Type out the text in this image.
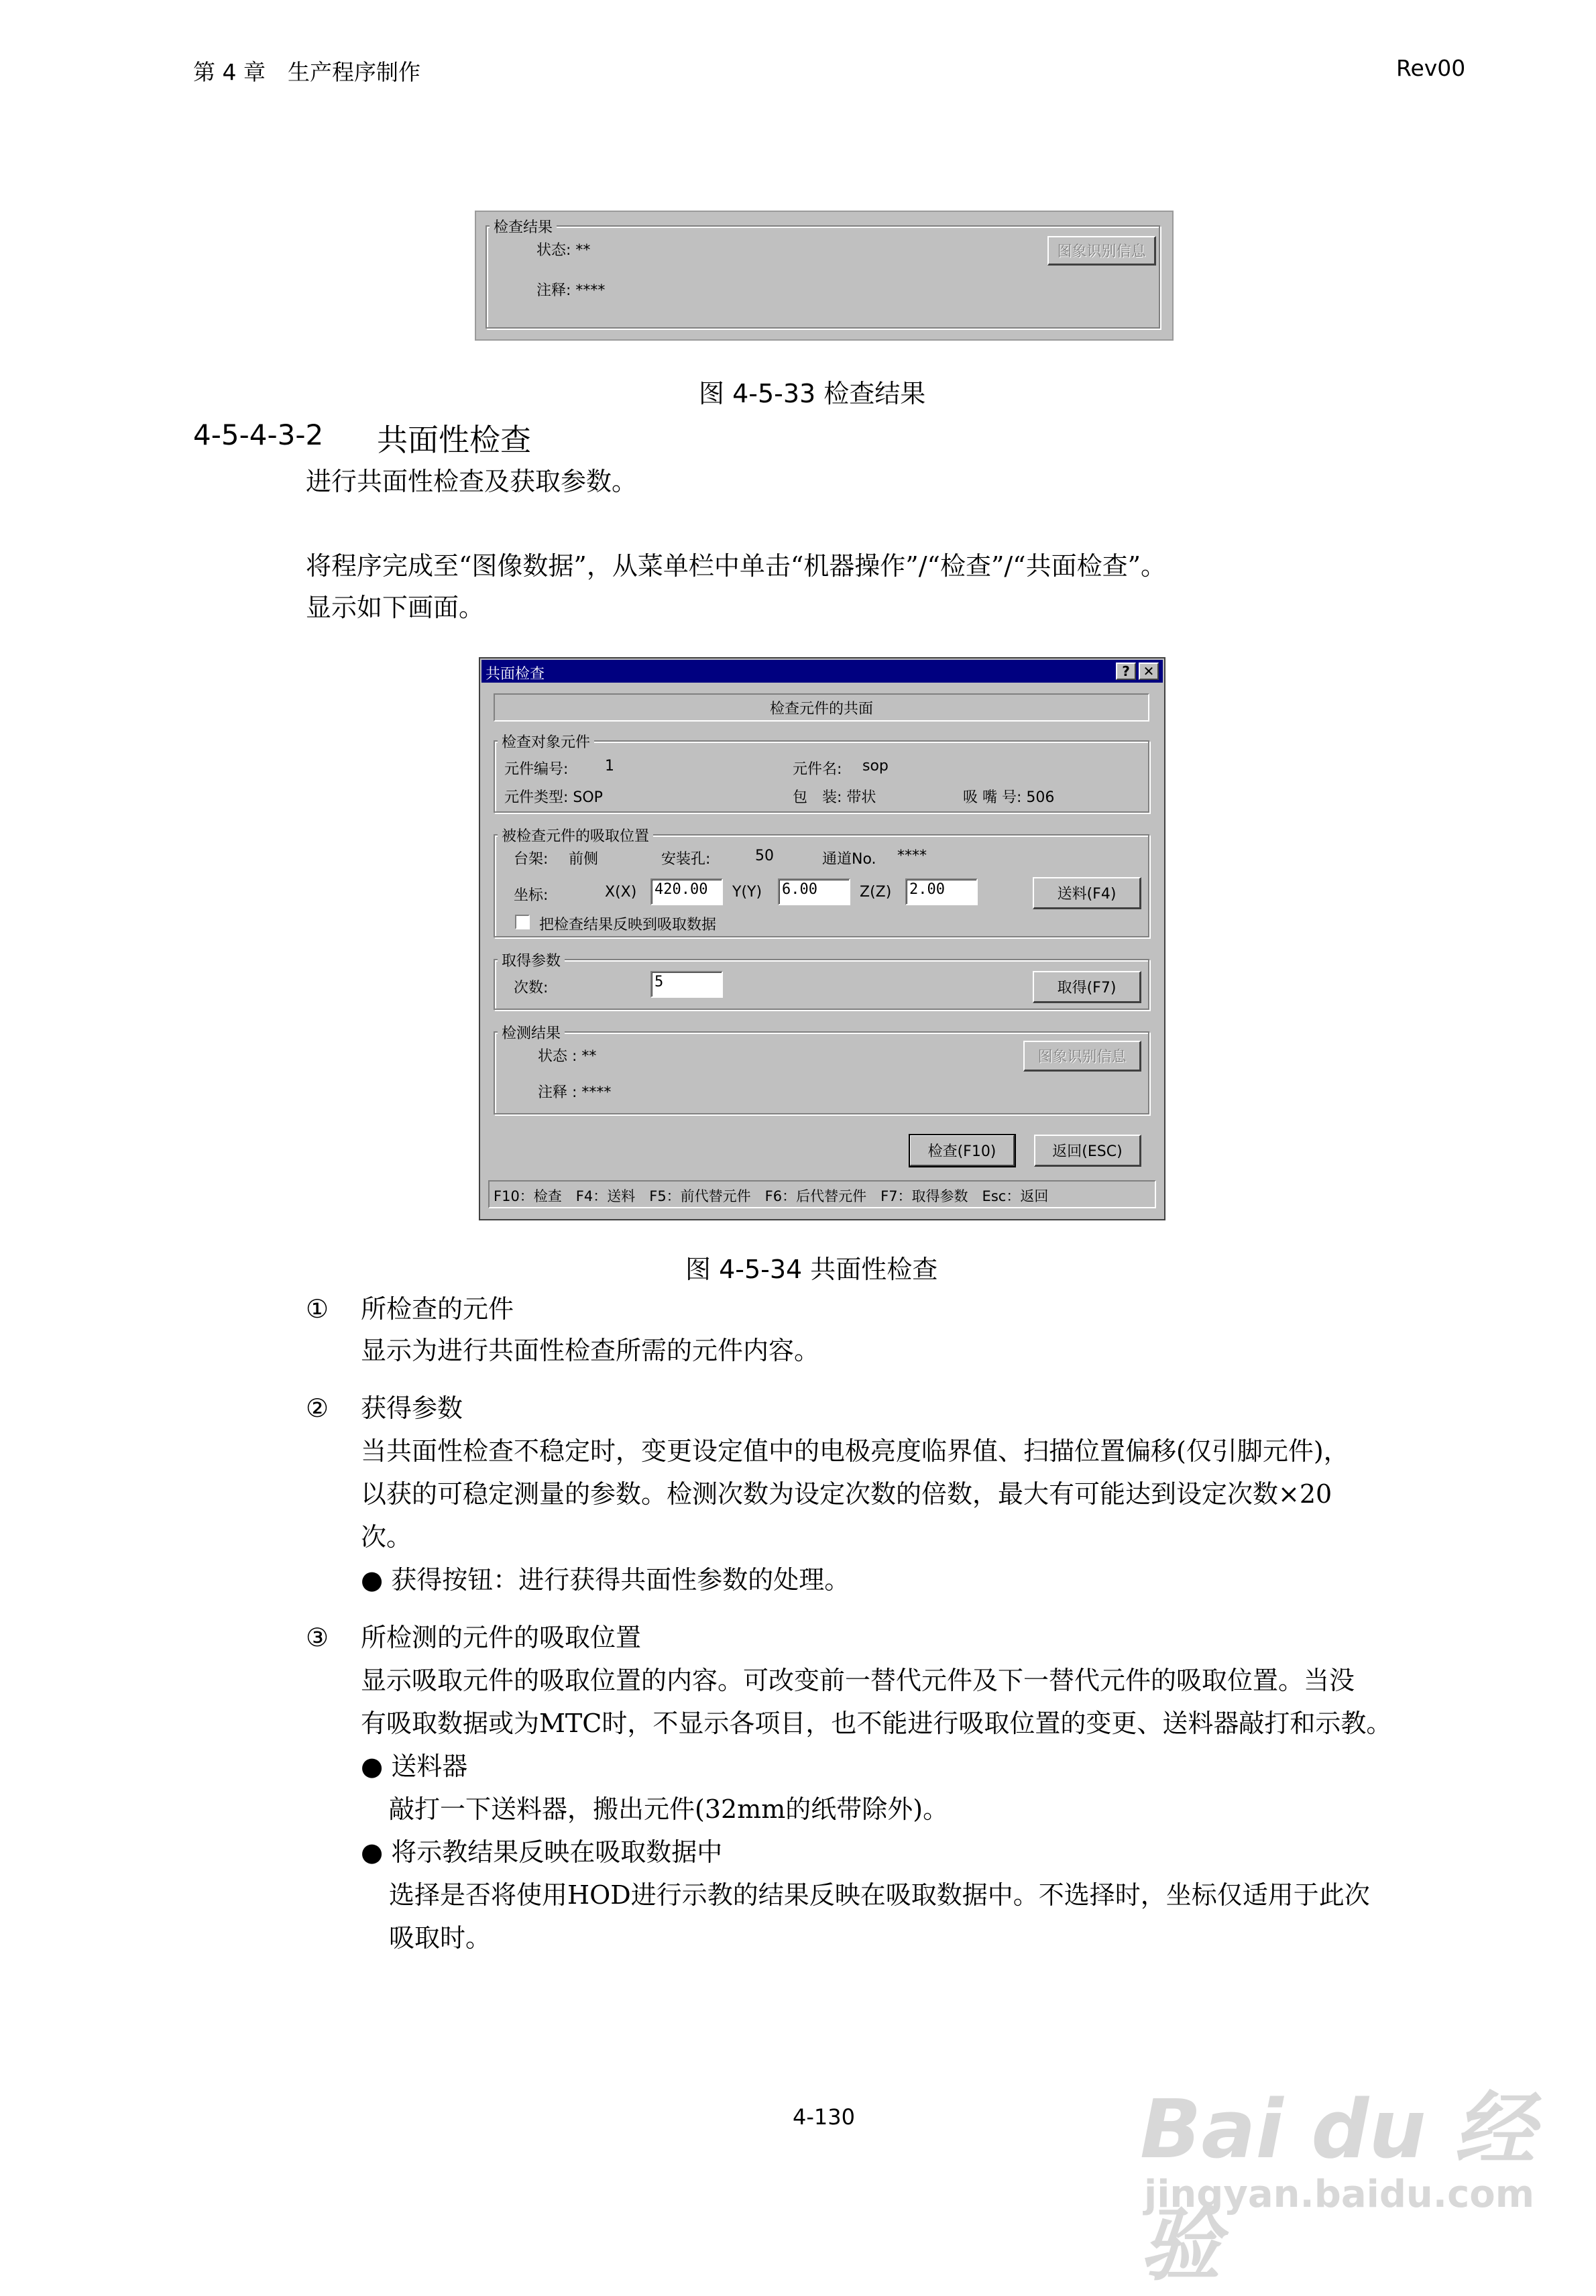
第 4 章　生产程序制作	Rev00
检查结果
状态: **
注释: ****
图象识别信息
图 4-5-33 检查结果
4-5-4-3-2 共面性检查
进行共面性检查及获取参数。
将程序完成至“图像数据”，从菜单栏中单击“机器操作”/“检查”/“共面检查”。
显示如下画面。
共面检查	? ✕
检查元件的共面
检查对象元件
元件编号: 1	元件名: sop
元件类型: SOP	包　装: 带状	吸 嘴 号: 506
被检查元件的吸取位置
台架: 前侧	安装孔:	50	通道No. ****
坐标:	X(X) 420.00	Y(Y) 6.00	Z(Z) 2.00	送料(F4)
把检查结果反映到吸取数据
取得参数
次数:	5	取得(F7)
检测结果
状态 : **
注释 : ****
图象识别信息
检查(F10)	返回(ESC)
F10：检查　F4：送料　F5：前代替元件　F6：后代替元件　F7：取得参数　Esc：返回
图 4-5-34 共面性检查
① 所检查的元件
显示为进行共面性检查所需的元件内容。
② 获得参数
当共面性检查不稳定时，变更设定值中的电极亮度临界值、扫描位置偏移(仅引脚元件)，
以获的可稳定测量的参数。检测次数为设定次数的倍数，最大有可能达到设定次数×20
次。
● 获得按钮：进行获得共面性参数的处理。
③ 所检测的元件的吸取位置
显示吸取元件的吸取位置的内容。可改变前一替代元件及下一替代元件的吸取位置。当没
有吸取数据或为MTC时，不显示各项目，也不能进行吸取位置的变更、送料器敲打和示教。
● 送料器
敲打一下送料器，搬出元件(32mm的纸带除外)。
● 将示教结果反映在吸取数据中
选择是否将使用HOD进行示教的结果反映在吸取数据中。不选择时，坐标仅适用于此次
吸取时。
4-130	Bai du 经验
jingyan.baidu.com
